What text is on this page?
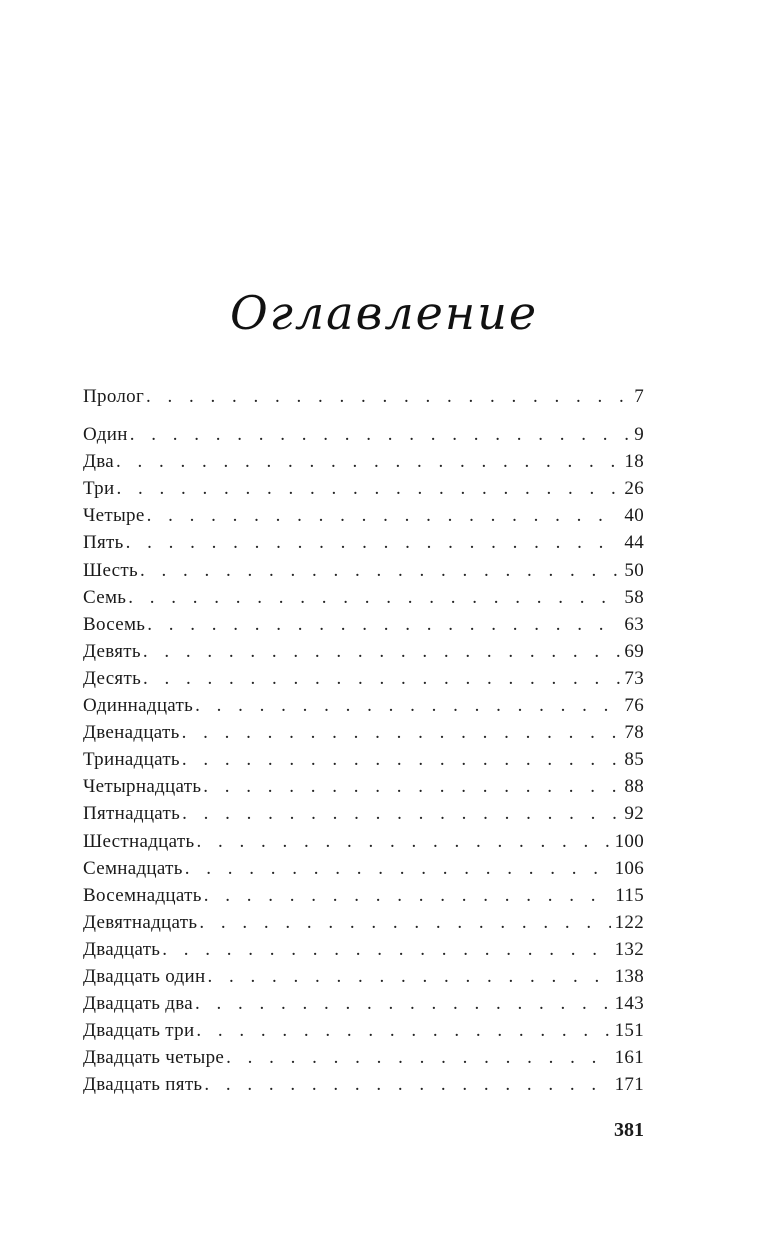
Оглавление
Пролог . . .	7
Один . . .	9
Два . . .	18
Три . . .	26
Четыре . . .	40
Пять . . .	44
Шесть . . .	50
Семь . . .	58
Восемь . . .	63
Девять . . .	69
Десять . . .	73
Одиннадцать . . .	76
Двенадцать . . .	78
Тринадцать . . .	85
Четырнадцать . . .	88
Пятнадцать . . .	92
Шестнадцать . . .	100
Семнадцать . . .	106
Восемнадцать . . .	115
Девятнадцать . . .	122
Двадцать . . .	132
Двадцать один . . .	138
Двадцать два . . .	143
Двадцать три . . .	151
Двадцать четыре . . .	161
Двадцать пять . . .	171
381
